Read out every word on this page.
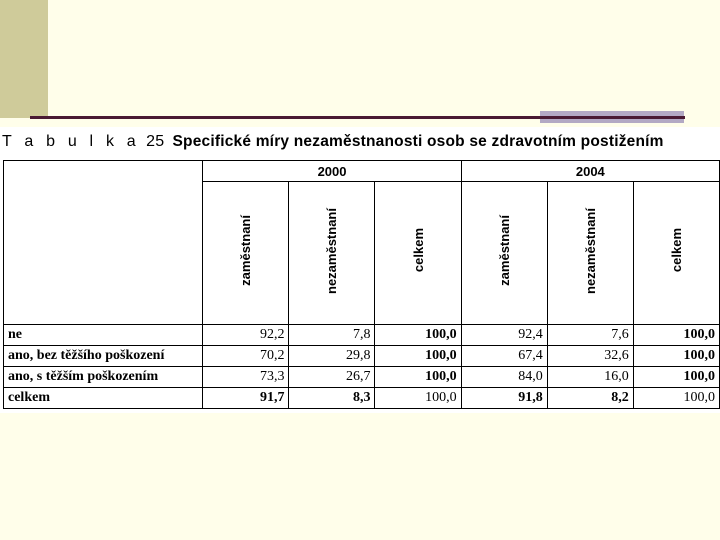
T a b u l k a 25 Specifické míry nezaměstnanosti osob se zdravotním postižením
	2000			2004		
	zaměstnaní	nezaměstnaní	celkem	zaměstnaní	nezaměstnaní	celkem
ne	92,2	7,8	100,0	92,4	7,6	100,0
ano, bez těžšího poškození	70,2	29,8	100,0	67,4	32,6	100,0
ano, s těžším poškozením	73,3	26,7	100,0	84,0	16,0	100,0
celkem	91,7	8,3	100,0	91,8	8,2	100,0
